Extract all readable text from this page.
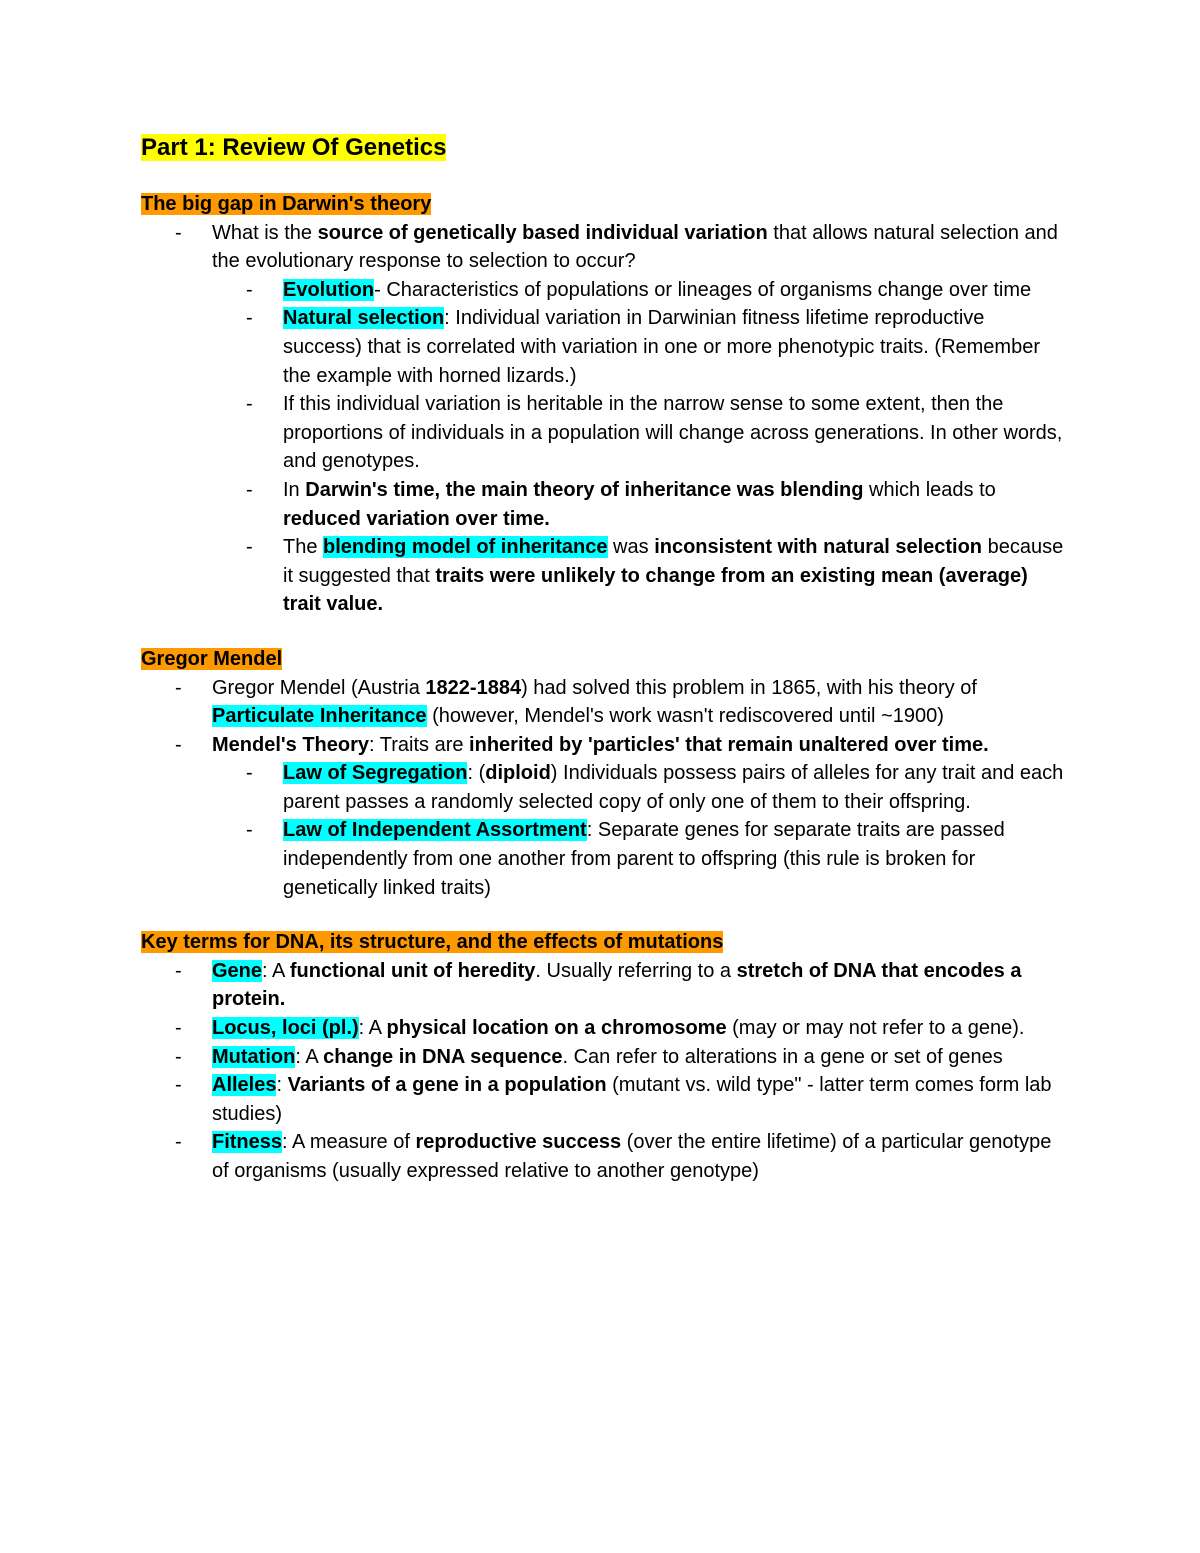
Part 1: Review Of Genetics

The big gap in Darwin's theory

- What is the source of genetically based individual variation that allows natural selection and the evolutionary response to selection to occur?
- Evolution- Characteristics of populations or lineages of organisms change over time
- Natural selection: Individual variation in Darwinian fitness lifetime reproductive success) that is correlated with variation in one or more phenotypic traits. (Remember the example with horned lizards.)
- If this individual variation is heritable in the narrow sense to some extent, then the proportions of individuals in a population will change across generations. In other words, and genotypes.
- In Darwin's time, the main theory of inheritance was blending which leads to reduced variation over time.
- The blending model of inheritance was inconsistent with natural selection because it suggested that traits were unlikely to change from an existing mean (average) trait value.

Gregor Mendel

- Gregor Mendel (Austria 1822-1884) had solved this problem in 1865, with his theory of Particulate Inheritance (however, Mendel's work wasn't rediscovered until ~1900)
- Mendel's Theory: Traits are inherited by 'particles' that remain unaltered over time.
- Law of Segregation: (diploid) Individuals possess pairs of alleles for any trait and each parent passes a randomly selected copy of only one of them to their offspring.
- Law of Independent Assortment: Separate genes for separate traits are passed independently from one another from parent to offspring (this rule is broken for genetically linked traits)

Key terms for DNA, its structure, and the effects of mutations

- Gene: A functional unit of heredity. Usually referring to a stretch of DNA that encodes a protein.
- Locus, loci (pl.): A physical location on a chromosome (may or may not refer to a gene).
- Mutation: A change in DNA sequence. Can refer to alterations in a gene or set of genes
- Alleles: Variants of a gene in a population (mutant vs. wild type" - latter term comes form lab studies)
- Fitness: A measure of reproductive success (over the entire lifetime) of a particular genotype of organisms (usually expressed relative to another genotype)
